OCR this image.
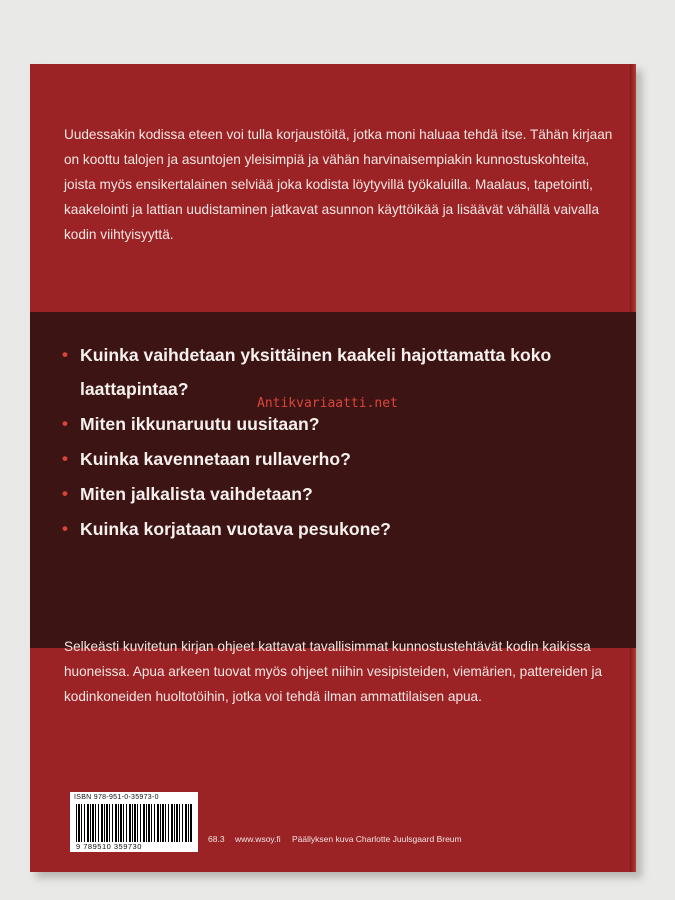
Uudessakin kodissa eteen voi tulla korjaustöitä, jotka moni haluaa tehdä itse. Tähän kirjaan on koottu talojen ja asuntojen yleisimpiä ja vähän harvinaisempiakin kunnostuskohteita, joista myös ensikertalainen selviää joka kodista löytyvillä työkaluilla. Maalaus, tapetointi, kaakelointi ja lattian uudistaminen jatkavat asunnon käyttöikää ja lisäävät vähällä vaivalla kodin viihtyisyyttä.
• Kuinka vaihdetaan yksittäinen kaakeli hajottamatta koko laattapintaa?
• Miten ikkunaruutu uusitaan?
• Kuinka kavennetaan rullaverho?
• Miten jalkalista vaihdetaan?
• Kuinka korjataan vuotava pesukone?
Selkeästi kuvitetun kirjan ohjeet kattavat tavallisimmat kunnostustehtävät kodin kaikissa huoneissa. Apua arkeen tuovat myös ohjeet niihin vesipisteiden, viemärien, pattereiden ja kodinkoneiden huoltotöihin, jotka voi tehdä ilman ammattilaisen apua.
ISBN 978-951-0-35973-0
9 789510 359730
68.3 www.wsoy.fi Päällyksen kuva Charlotte Juulsgaard Breum
Antikvariaatti.net
